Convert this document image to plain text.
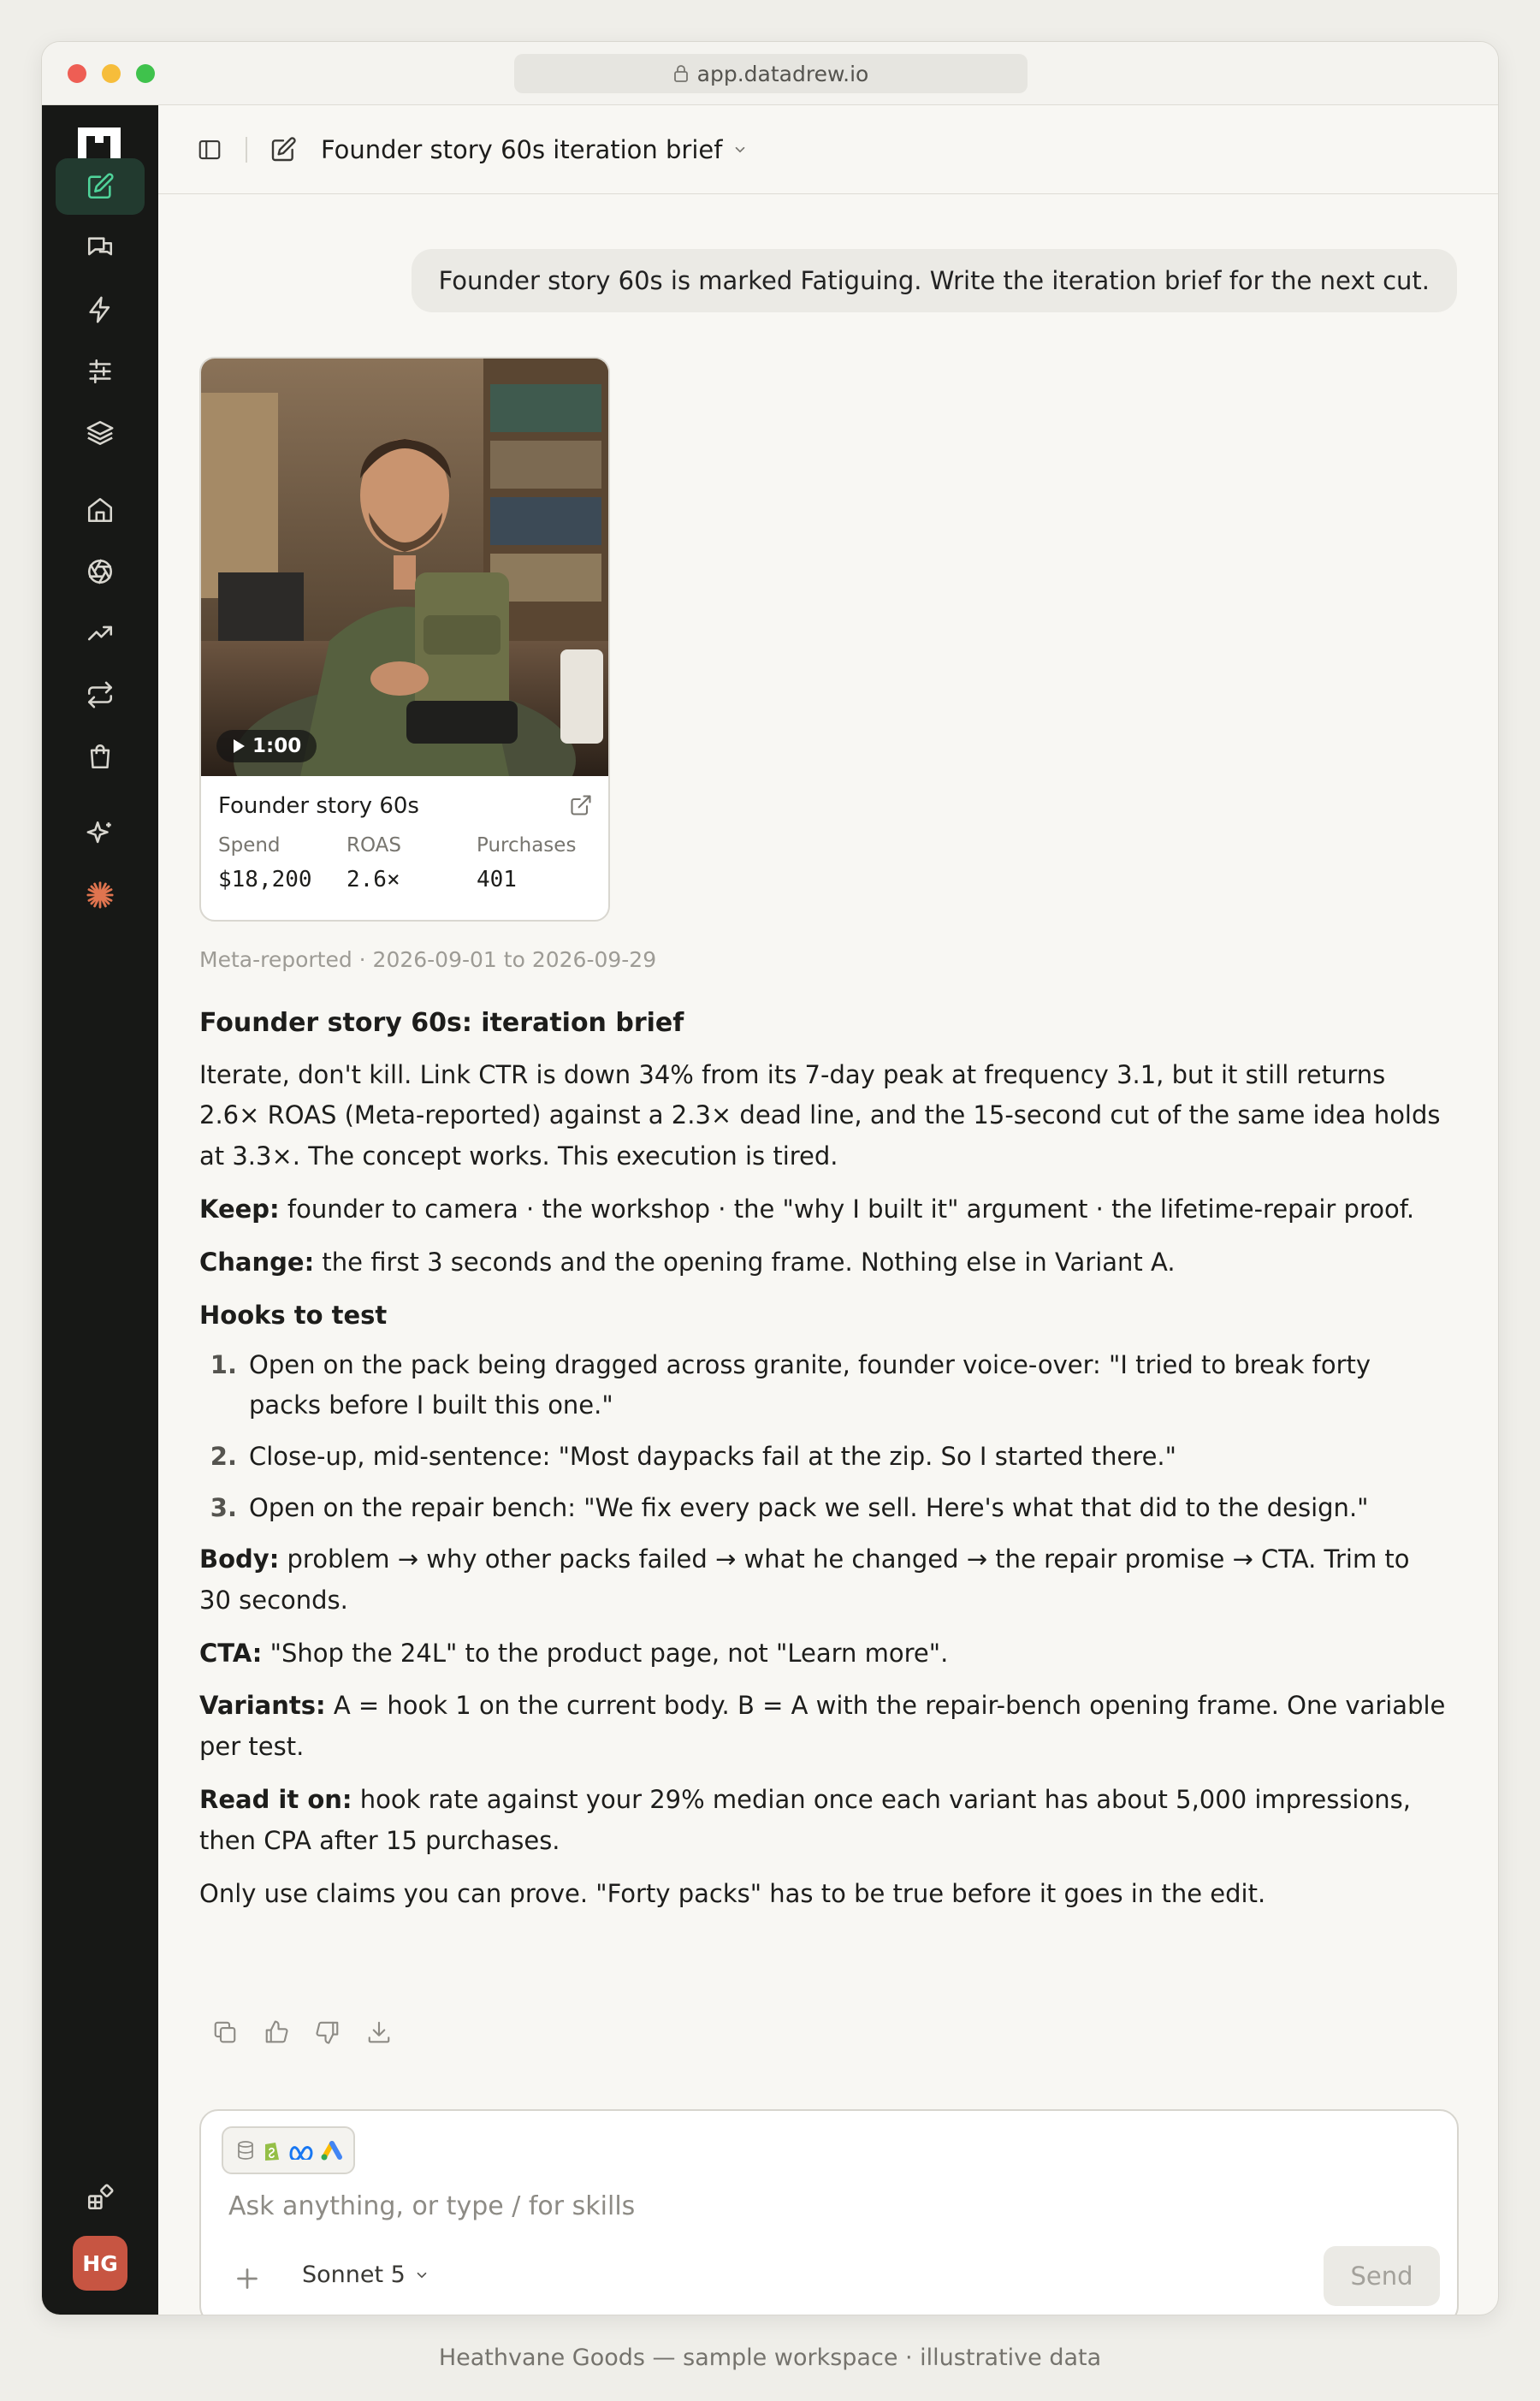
app.datadrew.io
HG
Founder story 60s iteration brief
Founder story 60s is marked Fatiguing. Write the iteration brief for the next cut.
1:00
Founder story 60s
Spend
$18,200
ROAS
2.6×
Purchases
401
Meta-reported · 2026-09-01 to 2026-09-29
Founder story 60s: iteration brief

Iterate, don't kill. Link CTR is down 34% from its 7-day peak at frequency 3.1, but it still returns 2.6× ROAS (Meta-reported) against a 2.3× dead line, and the 15-second cut of the same idea holds at 3.3×. The concept works. This execution is tired.

Keep: founder to camera · the workshop · the "why I built it" argument · the lifetime-repair proof.

Change: the first 3 seconds and the opening frame. Nothing else in Variant A.

Hooks to test
1. Open on the pack being dragged across granite, founder voice-over: "I tried to break forty packs before I built this one."
2. Close-up, mid-sentence: "Most daypacks fail at the zip. So I started there."
3. Open on the repair bench: "We fix every pack we sell. Here's what that did to the design."

Body: problem → why other packs failed → what he changed → the repair promise → CTA. Trim to 30 seconds.

CTA: "Shop the 24L" to the product page, not "Learn more".

Variants: A = hook 1 on the current body. B = A with the repair-bench opening frame. One variable per test.

Read it on: hook rate against your 29% median once each variant has about 5,000 impressions, then CPA after 15 purchases.

Only use claims you can prove. "Forty packs" has to be true before it goes in the edit.

Ask anything, or type / for skills
Sonnet 5	Send
Heathvane Goods — sample workspace · illustrative data
